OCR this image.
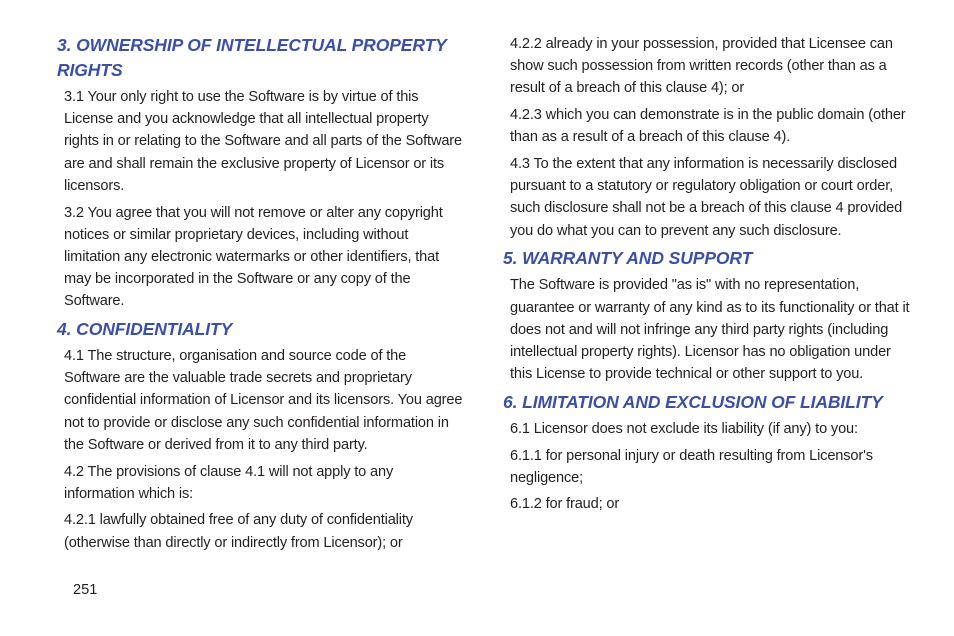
3. OWNERSHIP OF INTELLECTUAL PROPERTY
RIGHTS

3.1 Your only right to use the Software is by virtue of this License and you acknowledge that all intellectual property rights in or relating to the Software and all parts of the Software are and shall remain the exclusive property of Licensor or its licensors.

3.2 You agree that you will not remove or alter any copyright notices or similar proprietary devices, including without limitation any electronic watermarks or other identifiers, that may be incorporated in the Software or any copy of the Software.

4. CONFIDENTIALITY

4.1 The structure, organisation and source code of the Software are the valuable trade secrets and proprietary confidential information of Licensor and its licensors. You agree not to provide or disclose any such confidential information in the Software or derived from it to any third party.

4.2 The provisions of clause 4.1 will not apply to any information which is:

4.2.1 lawfully obtained free of any duty of confidentiality (otherwise than directly or indirectly from Licensor); or

4.2.2 already in your possession, provided that Licensee can show such possession from written records (other than as a result of a breach of this clause 4); or

4.2.3 which you can demonstrate is in the public domain (other than as a result of a breach of this clause 4).

4.3 To the extent that any information is necessarily disclosed pursuant to a statutory or regulatory obligation or court order, such disclosure shall not be a breach of this clause 4 provided you do what you can to prevent any such disclosure.

5. WARRANTY AND SUPPORT

The Software is provided "as is" with no representation, guarantee or warranty of any kind as to its functionality or that it does not and will not infringe any third party rights (including intellectual property rights). Licensor has no obligation under this License to provide technical or other support to you.

6. LIMITATION AND EXCLUSION OF LIABILITY

6.1 Licensor does not exclude its liability (if any) to you:

6.1.1 for personal injury or death resulting from Licensor's negligence;

6.1.2 for fraud; or

251
